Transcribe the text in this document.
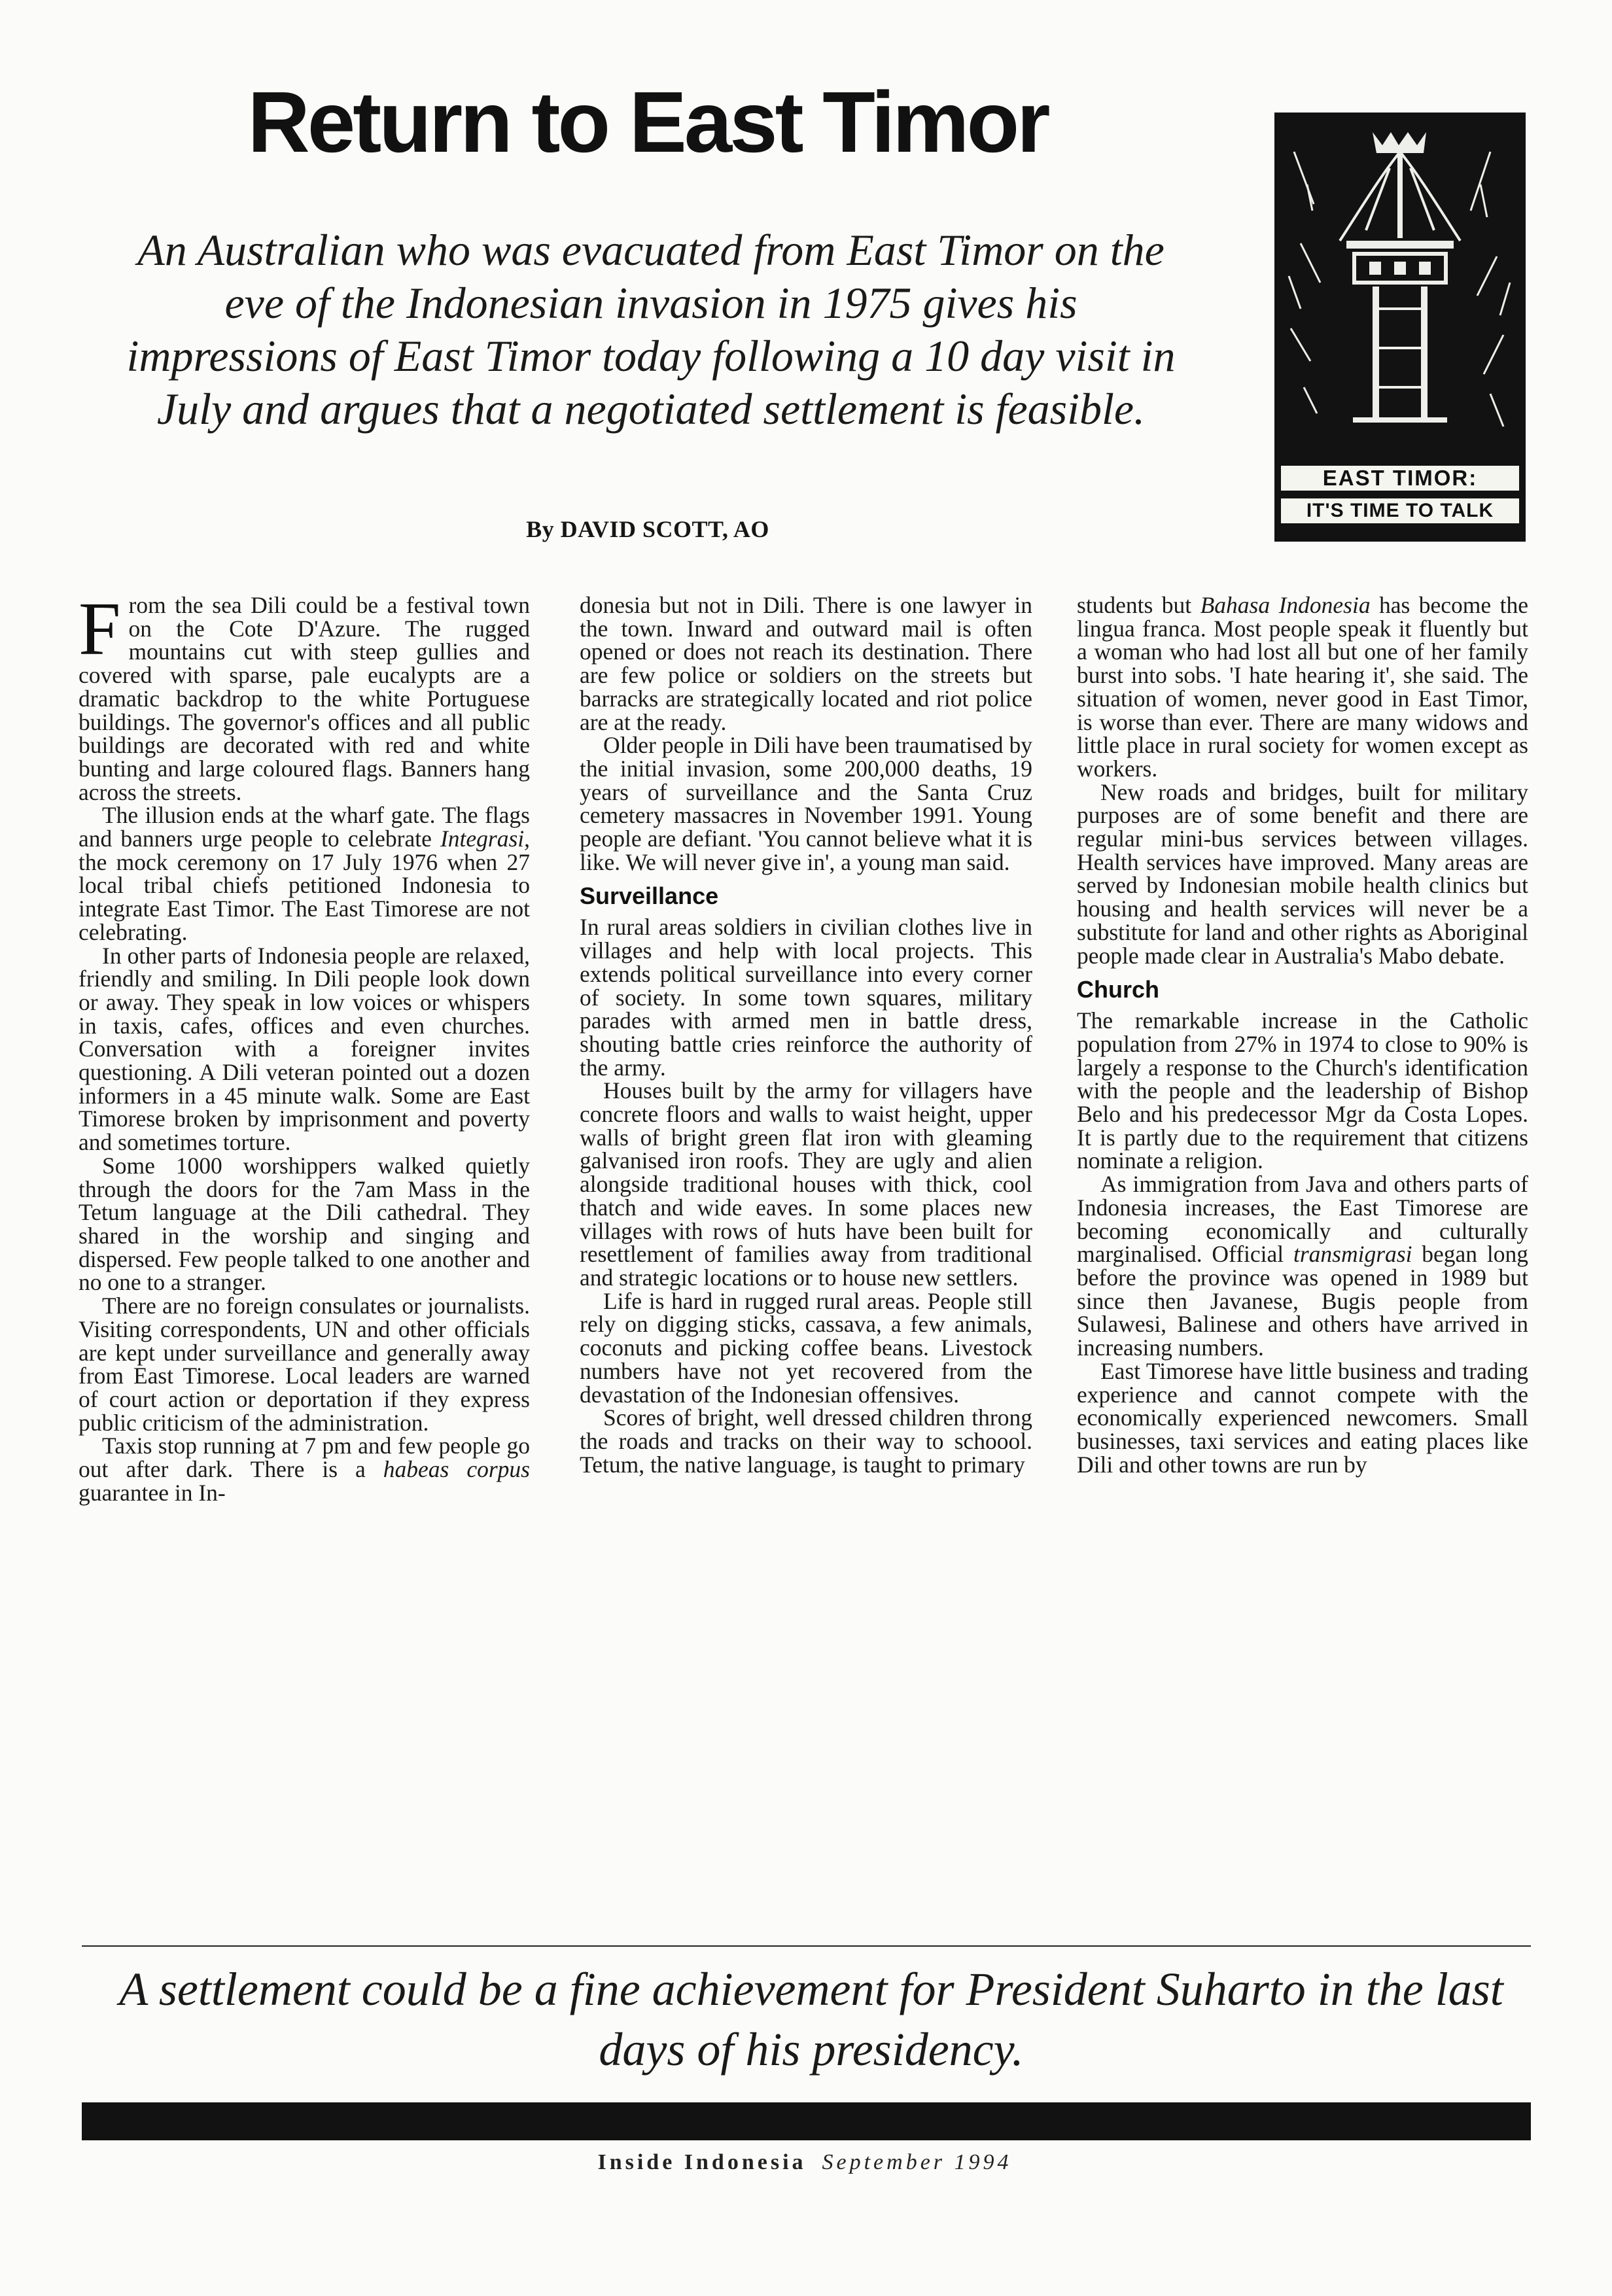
Return to East Timor

An Australian who was evacuated from East Timor on the eve of the Indonesian invasion in 1975 gives his impressions of East Timor today following a 10 day visit in July and argues that a negotiated settlement is feasible.

By DAVID SCOTT, AO

EAST TIMOR:
IT'S TIME TO TALK

From the sea Dili could be a festival town on the Cote D'Azure. The rugged mountains cut with steep gullies and covered with sparse, pale eucalypts are a dramatic backdrop to the white Portuguese buildings. The governor's offices and all public buildings are decorated with red and white bunting and large coloured flags. Banners hang across the streets.

The illusion ends at the wharf gate. The flags and banners urge people to celebrate Integrasi, the mock ceremony on 17 July 1976 when 27 local tribal chiefs petitioned Indonesia to integrate East Timor. The East Timorese are not celebrating.

In other parts of Indonesia people are relaxed, friendly and smiling. In Dili people look down or away. They speak in low voices or whispers in taxis, cafes, offices and even churches. Conversation with a foreigner invites questioning. A Dili veteran pointed out a dozen informers in a 45 minute walk. Some are East Timorese broken by imprisonment and poverty and sometimes torture.

Some 1000 worshippers walked quietly through the doors for the 7am Mass in the Tetum language at the Dili cathedral. They shared in the worship and singing and dispersed. Few people talked to one another and no one to a stranger.

There are no foreign consulates or journalists. Visiting correspondents, UN and other officials are kept under surveillance and generally away from East Timorese. Local leaders are warned of court action or deportation if they express public criticism of the administration.

Taxis stop running at 7 pm and few people go out after dark. There is a habeas corpus guarantee in In-

donesia but not in Dili. There is one lawyer in the town. Inward and outward mail is often opened or does not reach its destination. There are few police or soldiers on the streets but barracks are strategically located and riot police are at the ready.

Older people in Dili have been traumatised by the initial invasion, some 200,000 deaths, 19 years of surveillance and the Santa Cruz cemetery massacres in November 1991. Young people are defiant. 'You cannot believe what it is like. We will never give in', a young man said.

Surveillance

In rural areas soldiers in civilian clothes live in villages and help with local projects. This extends political surveillance into every corner of society. In some town squares, military parades with armed men in battle dress, shouting battle cries reinforce the authority of the army.

Houses built by the army for villagers have concrete floors and walls to waist height, upper walls of bright green flat iron with gleaming galvanised iron roofs. They are ugly and alien alongside traditional houses with thick, cool thatch and wide eaves. In some places new villages with rows of huts have been built for resettlement of families away from traditional and strategic locations or to house new settlers.

Life is hard in rugged rural areas. People still rely on digging sticks, cassava, a few animals, coconuts and picking coffee beans. Livestock numbers have not yet recovered from the devastation of the Indonesian offensives.

Scores of bright, well dressed children throng the roads and tracks on their way to schoool. Tetum, the native language, is taught to primary

students but Bahasa Indonesia has become the lingua franca. Most people speak it fluently but a woman who had lost all but one of her family burst into sobs. 'I hate hearing it', she said. The situation of women, never good in East Timor, is worse than ever. There are many widows and little place in rural society for women except as workers.

New roads and bridges, built for military purposes are of some benefit and there are regular mini-bus services between villages. Health services have improved. Many areas are served by Indonesian mobile health clinics but housing and health services will never be a substitute for land and other rights as Aboriginal people made clear in Australia's Mabo debate.

Church

The remarkable increase in the Catholic population from 27% in 1974 to close to 90% is largely a response to the Church's identification with the people and the leadership of Bishop Belo and his predecessor Mgr da Costa Lopes. It is partly due to the requirement that citizens nominate a religion.

As immigration from Java and others parts of Indonesia increases, the East Timorese are becoming economically and culturally marginalised. Official transmigrasi began long before the province was opened in 1989 but since then Javanese, Bugis people from Sulawesi, Balinese and others have arrived in increasing numbers.

East Timorese have little business and trading experience and cannot compete with the economically experienced newcomers. Small businesses, taxi services and eating places like Dili and other towns are run by

A settlement could be a fine achievement for President Suharto in the last days of his presidency.

Inside Indonesia September 1994
